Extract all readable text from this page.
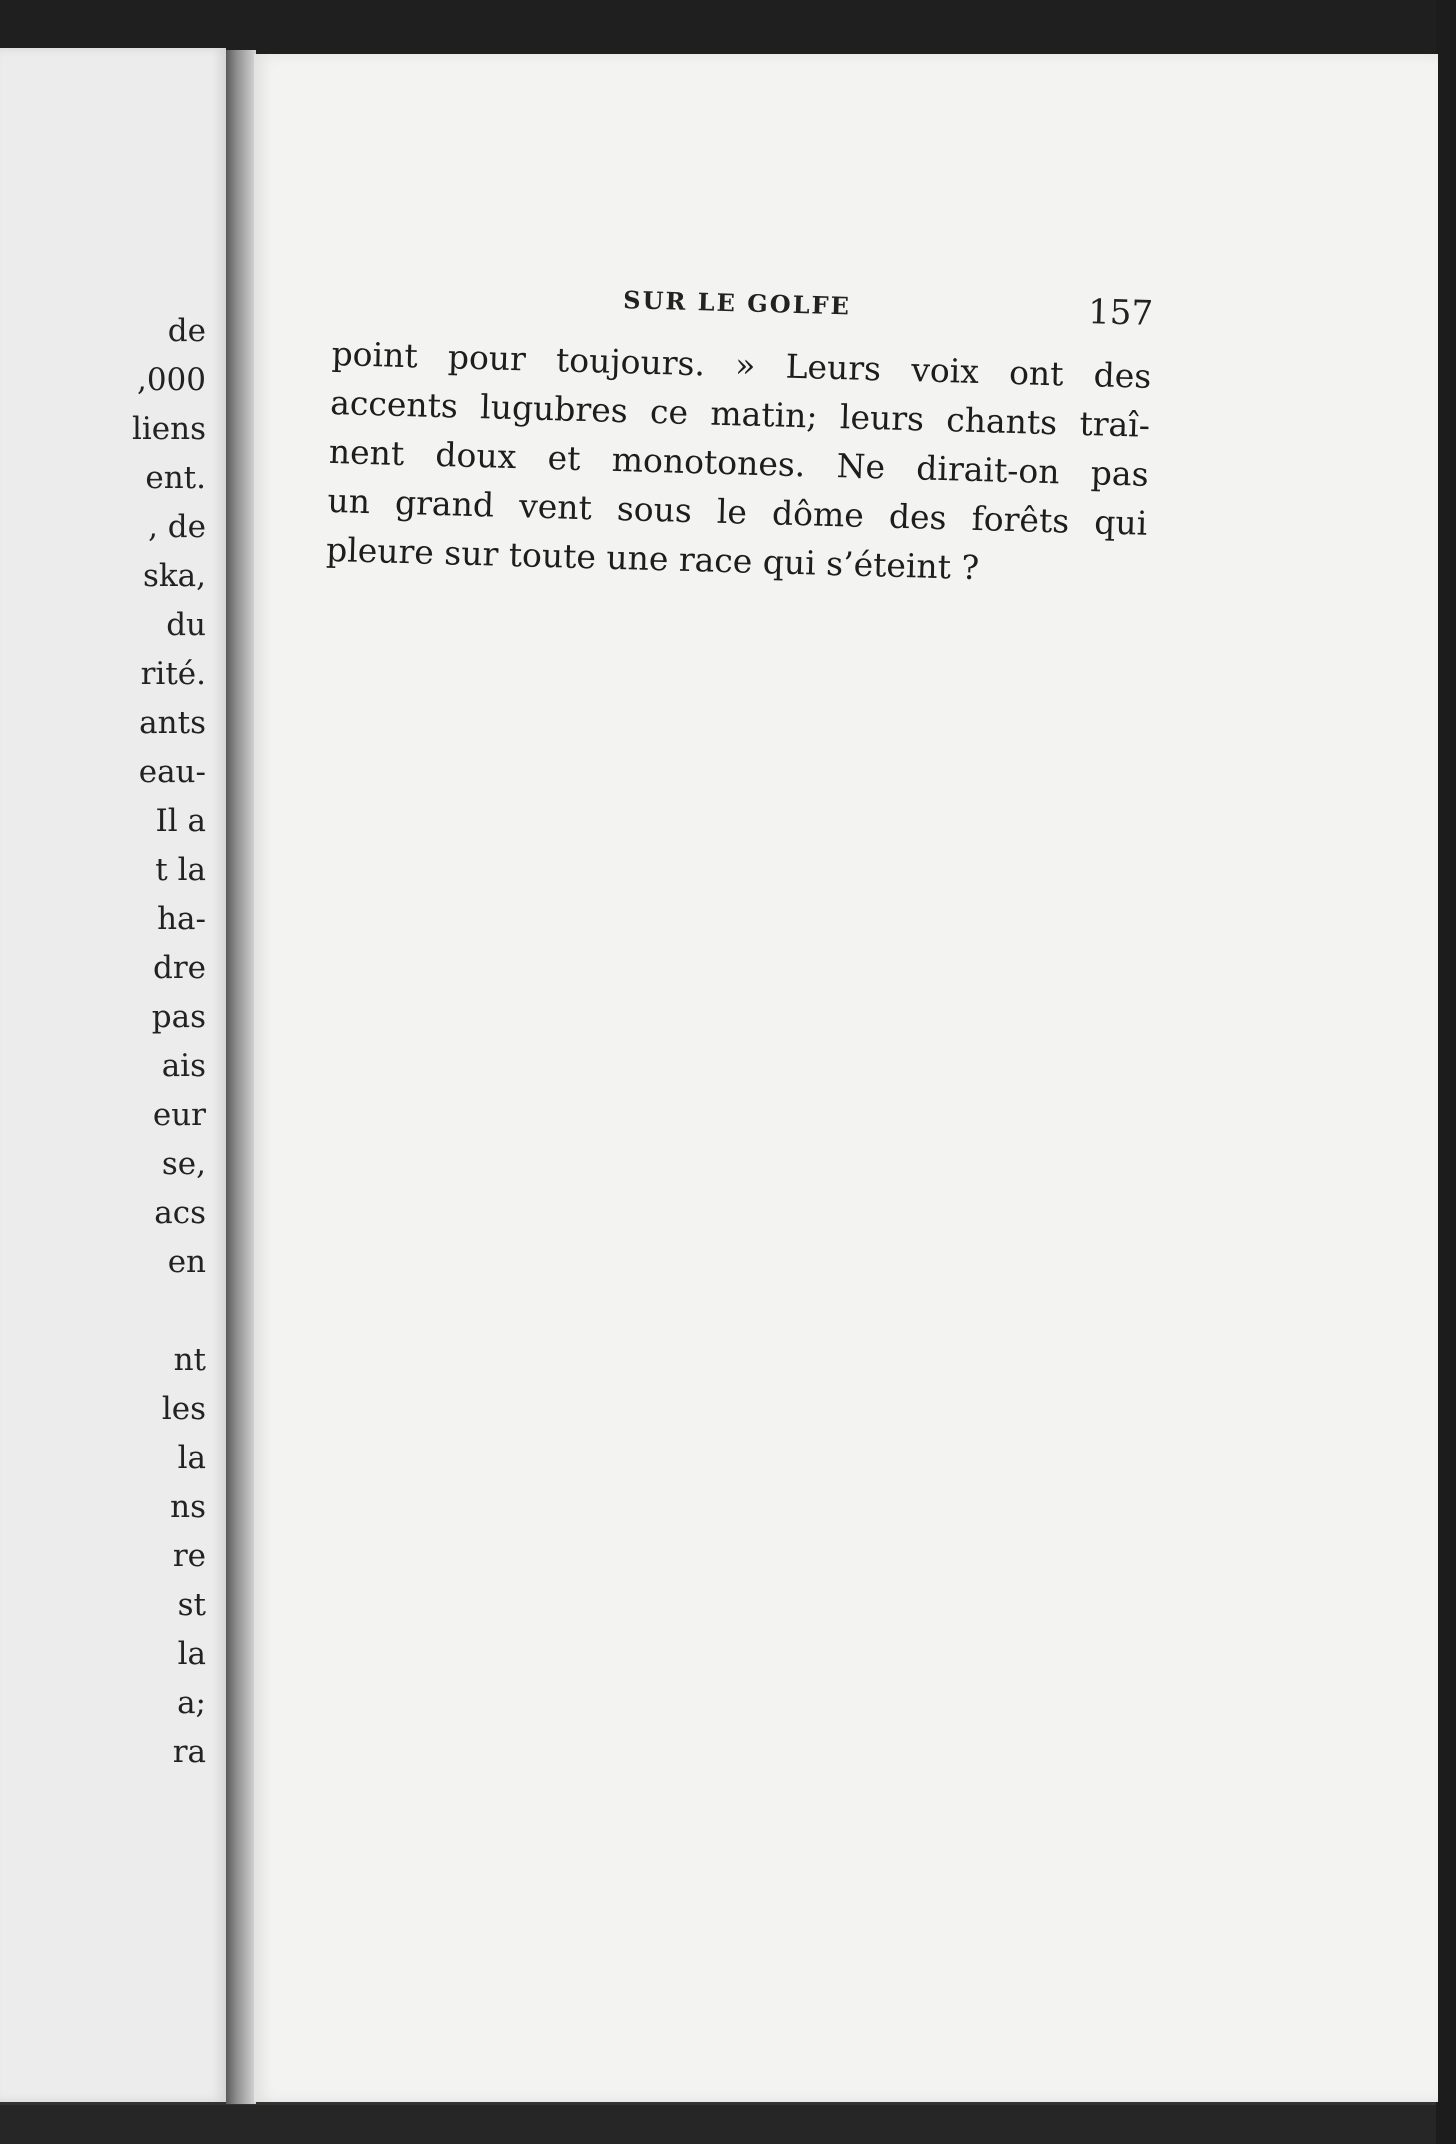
de
,000
liens
ent.
, de
ska,
du
rité.
ants
eau-
Il a
t la
ha-
dre
pas
ais
eur
se,
acs
en
nt
les
la
ns
re
st
la
a;
ra
SUR LE GOLFE	157
point pour toujours. » Leurs voix ont des
accents lugubres ce matin; leurs chants traî-
nent doux et monotones. Ne dirait-on pas
un grand vent sous le dôme des forêts qui
pleure sur toute une race qui s’éteint ?
